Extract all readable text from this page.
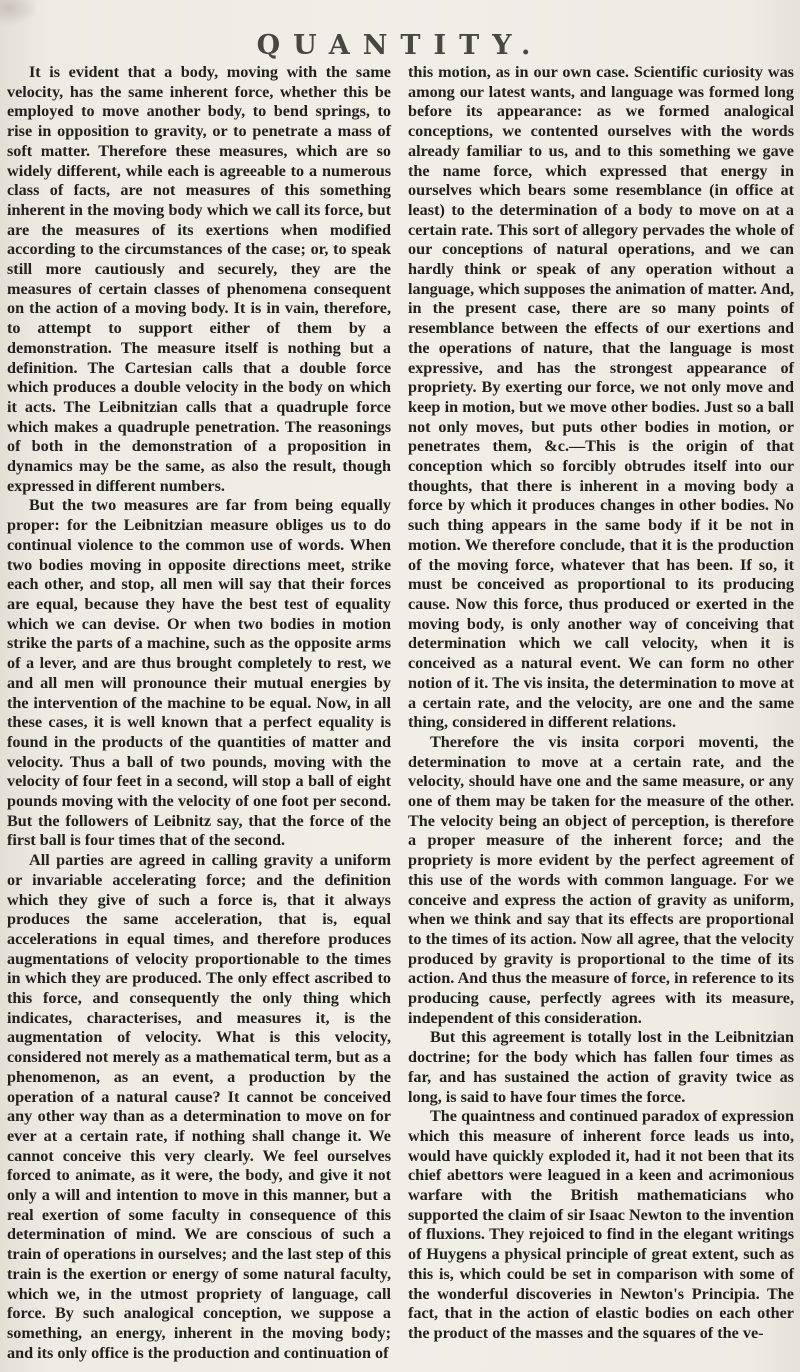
QUANTITY.

It is evident that a body, moving with the same velocity, has the same inherent force, whether this be employed to move another body, to bend springs, to rise in opposition to gravity, or to penetrate a mass of soft matter. Therefore these measures, which are so widely different, while each is agreeable to a numerous class of facts, are not measures of this something inherent in the moving body which we call its force, but are the measures of its exertions when modified according to the circumstances of the case; or, to speak still more cautiously and securely, they are the measures of certain classes of phenomena consequent on the action of a moving body. It is in vain, therefore, to attempt to support either of them by a demonstration. The measure itself is nothing but a definition. The Cartesian calls that a double force which produces a double velocity in the body on which it acts. The Leibnitzian calls that a quadruple force which makes a quadruple penetration. The reasonings of both in the demonstration of a proposition in dynamics may be the same, as also the result, though expressed in different numbers.

But the two measures are far from being equally proper: for the Leibnitzian measure obliges us to do continual violence to the common use of words. When two bodies moving in opposite directions meet, strike each other, and stop, all men will say that their forces are equal, because they have the best test of equality which we can devise. Or when two bodies in motion strike the parts of a machine, such as the opposite arms of a lever, and are thus brought completely to rest, we and all men will pronounce their mutual energies by the intervention of the machine to be equal. Now, in all these cases, it is well known that a perfect equality is found in the products of the quantities of matter and velocity. Thus a ball of two pounds, moving with the velocity of four feet in a second, will stop a ball of eight pounds moving with the velocity of one foot per second. But the followers of Leibnitz say, that the force of the first ball is four times that of the second.

All parties are agreed in calling gravity a uniform or invariable accelerating force; and the definition which they give of such a force is, that it always produces the same acceleration, that is, equal accelerations in equal times, and therefore produces augmentations of velocity proportionable to the times in which they are produced. The only effect ascribed to this force, and consequently the only thing which indicates, characterises, and measures it, is the augmentation of velocity. What is this velocity, considered not merely as a mathematical term, but as a phenomenon, as an event, a production by the operation of a natural cause? It cannot be conceived any other way than as a determination to move on for ever at a certain rate, if nothing shall change it. We cannot conceive this very clearly. We feel ourselves forced to animate, as it were, the body, and give it not only a will and intention to move in this manner, but a real exertion of some faculty in consequence of this determination of mind. We are conscious of such a train of operations in ourselves; and the last step of this train is the exertion or energy of some natural faculty, which we, in the utmost propriety of language, call force. By such analogical conception, we suppose a something, an energy, inherent in the moving body; and its only office is the production and continuation of

this motion, as in our own case. Scientific curiosity was among our latest wants, and language was formed long before its appearance: as we formed analogical conceptions, we contented ourselves with the words already familiar to us, and to this something we gave the name force, which expressed that energy in ourselves which bears some resemblance (in office at least) to the determination of a body to move on at a certain rate. This sort of allegory pervades the whole of our conceptions of natural operations, and we can hardly think or speak of any operation without a language, which supposes the animation of matter. And, in the present case, there are so many points of resemblance between the effects of our exertions and the operations of nature, that the language is most expressive, and has the strongest appearance of propriety. By exerting our force, we not only move and keep in motion, but we move other bodies. Just so a ball not only moves, but puts other bodies in motion, or penetrates them, &c.—This is the origin of that conception which so forcibly obtrudes itself into our thoughts, that there is inherent in a moving body a force by which it produces changes in other bodies. No such thing appears in the same body if it be not in motion. We therefore conclude, that it is the production of the moving force, whatever that has been. If so, it must be conceived as proportional to its producing cause. Now this force, thus produced or exerted in the moving body, is only another way of conceiving that determination which we call velocity, when it is conceived as a natural event. We can form no other notion of it. The vis insita, the determination to move at a certain rate, and the velocity, are one and the same thing, considered in different relations.

Therefore the vis insita corpori moventi, the determination to move at a certain rate, and the velocity, should have one and the same measure, or any one of them may be taken for the measure of the other. The velocity being an object of perception, is therefore a proper measure of the inherent force; and the propriety is more evident by the perfect agreement of this use of the words with common language. For we conceive and express the action of gravity as uniform, when we think and say that its effects are proportional to the times of its action. Now all agree, that the velocity produced by gravity is proportional to the time of its action. And thus the measure of force, in reference to its producing cause, perfectly agrees with its measure, independent of this consideration.

But this agreement is totally lost in the Leibnitzian doctrine; for the body which has fallen four times as far, and has sustained the action of gravity twice as long, is said to have four times the force.

The quaintness and continued paradox of expression which this measure of inherent force leads us into, would have quickly exploded it, had it not been that its chief abettors were leagued in a keen and acrimonious warfare with the British mathematicians who supported the claim of sir Isaac Newton to the invention of fluxions. They rejoiced to find in the elegant writings of Huygens a physical principle of great extent, such as this is, which could be set in comparison with some of the wonderful discoveries in Newton's Principia. The fact, that in the action of elastic bodies on each other the product of the masses and the squares of the ve-
